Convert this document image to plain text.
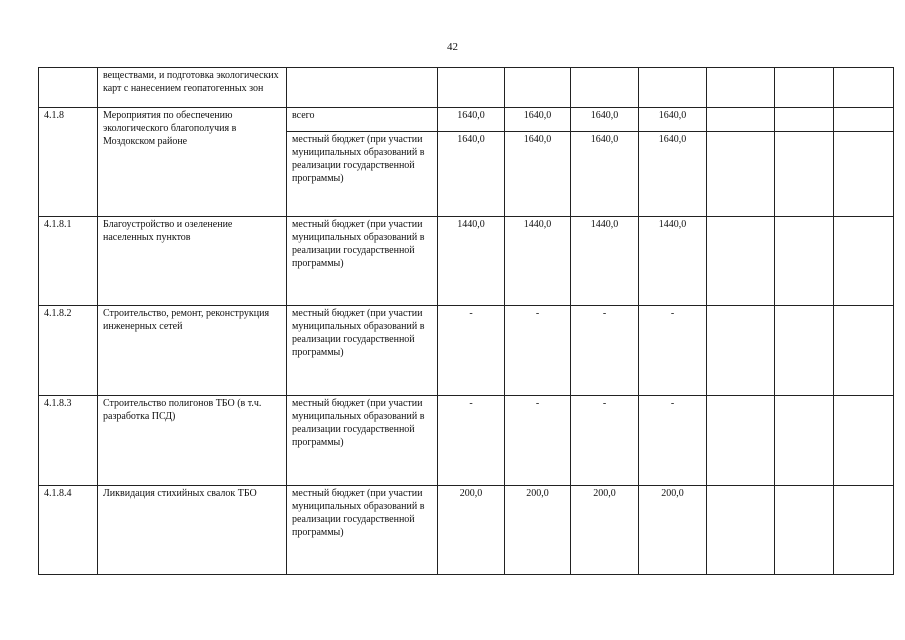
42
	веществами, и подготовка экологических карт с нанесением геопатогенных зон								
4.1.8	Мероприятия по обеспечению экологического благополучия в Моздокском районе	всего	1640,0	1640,0	1640,0	1640,0			
		местный бюджет (при участии муниципальных образований в реализации государственной программы)	1640,0	1640,0	1640,0	1640,0			
4.1.8.1	Благоустройство и озеленение населенных пунктов	местный бюджет (при участии муниципальных образований в реализации государственной программы)	1440,0	1440,0	1440,0	1440,0			
4.1.8.2	Строительство, ремонт, реконструкция инженерных сетей	местный бюджет (при участии муниципальных образований в реализации государственной программы)	-	-	-	-			
4.1.8.3	Строительство полигонов ТБО (в т.ч. разработка ПСД)	местный бюджет (при участии муниципальных образований в реализации государственной программы)	-	-	-	-			
4.1.8.4	Ликвидация стихийных свалок ТБО	местный бюджет (при участии муниципальных образований в реализации государственной программы)	200,0	200,0	200,0	200,0			
